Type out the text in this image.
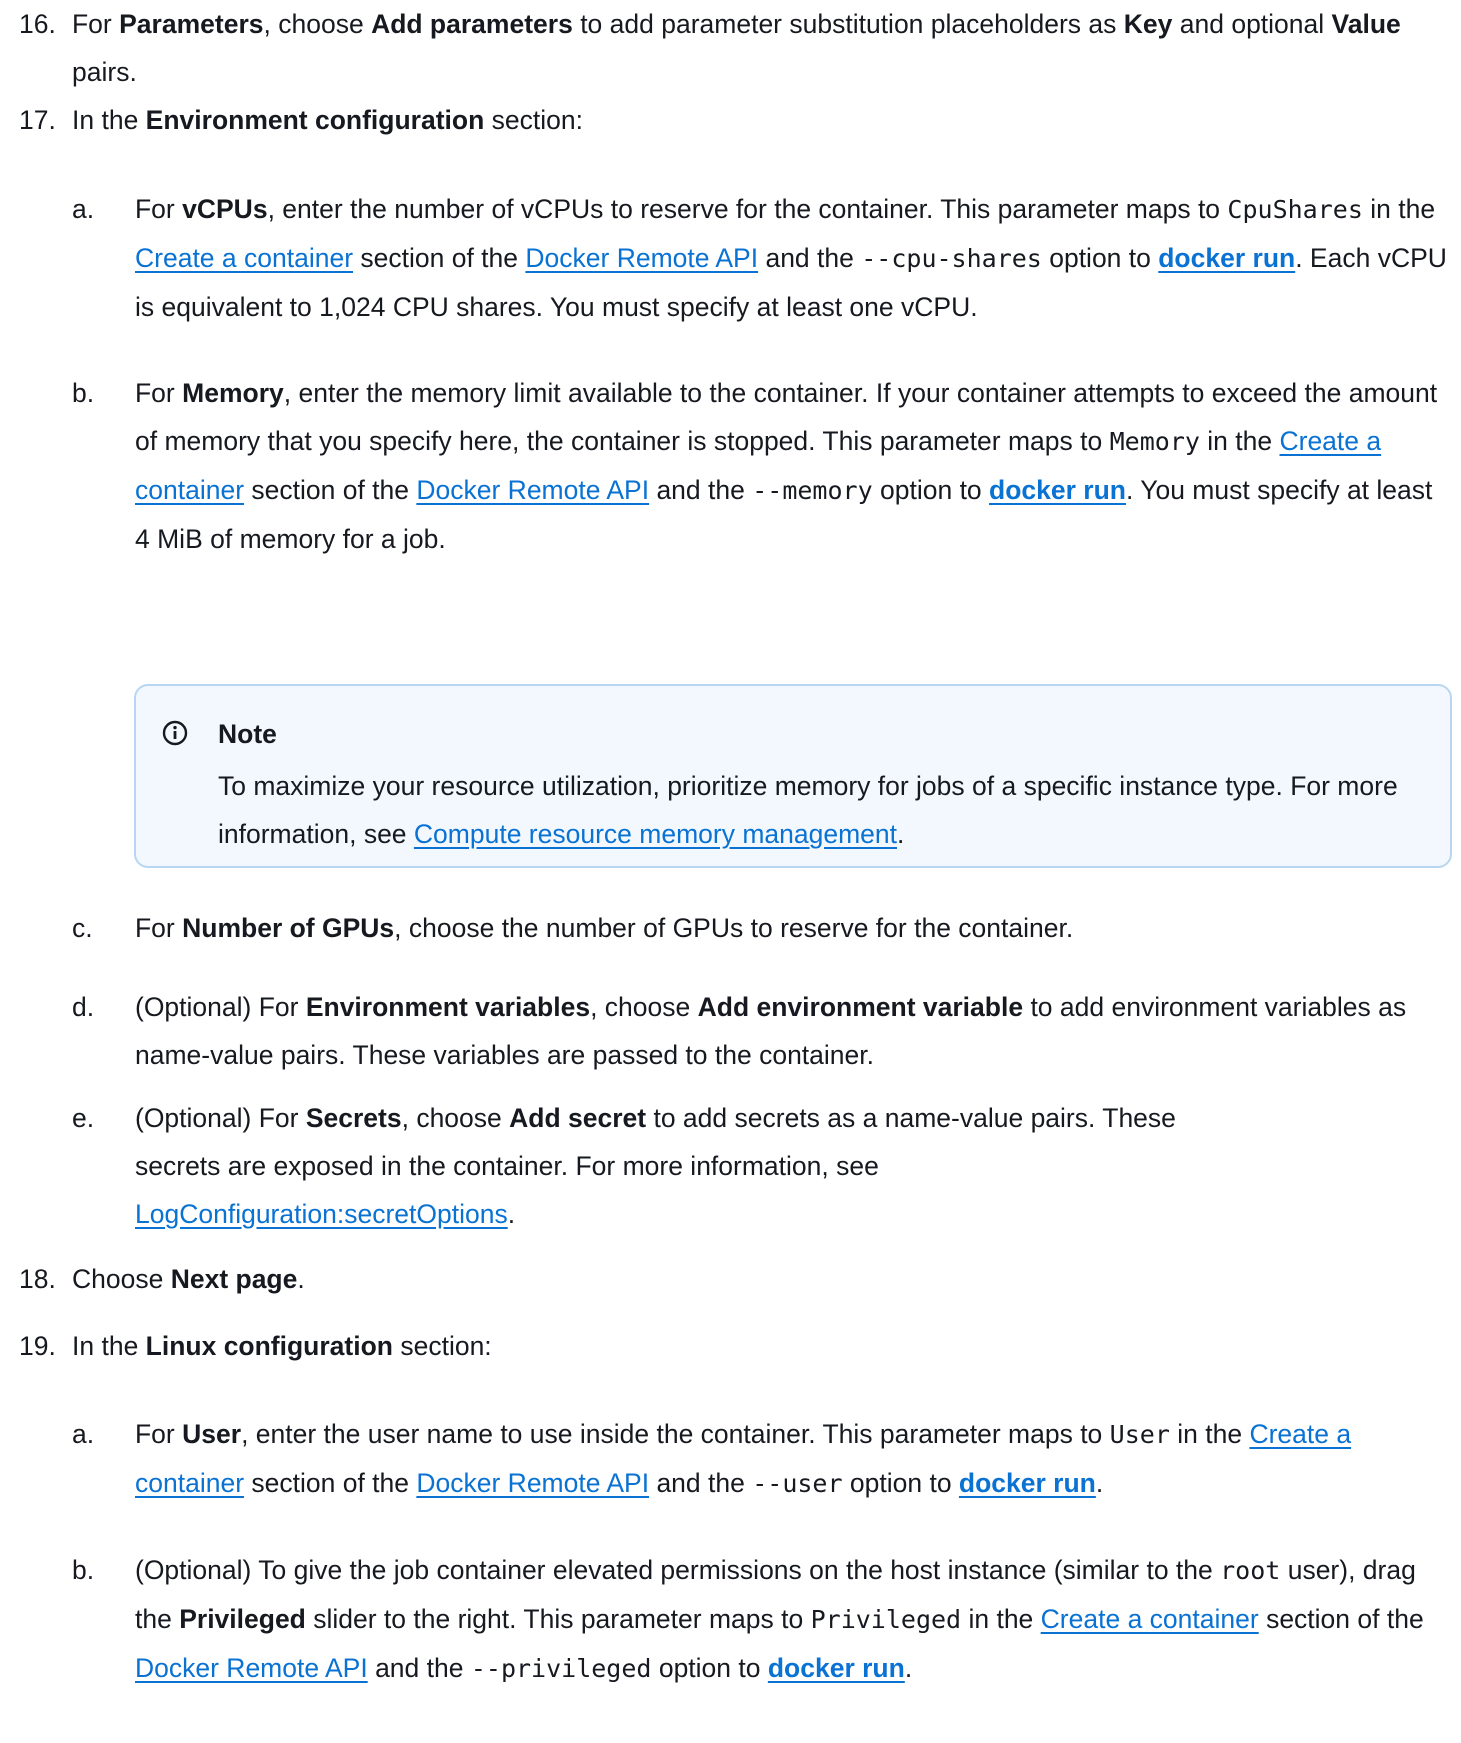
16. For Parameters, choose Add parameters to add parameter substitution placeholders as Key and optional Value pairs.
17. In the Environment configuration section:
a. For vCPUs, enter the number of vCPUs to reserve for the container. This parameter maps to CpuShares in the Create a container section of the Docker Remote API and the --cpu-shares option to docker run. Each vCPU is equivalent to 1,024 CPU shares. You must specify at least one vCPU.
b. For Memory, enter the memory limit available to the container. If your container attempts to exceed the amount of memory that you specify here, the container is stopped. This parameter maps to Memory in the Create a container section of the Docker Remote API and the --memory option to docker run. You must specify at least 4 MiB of memory for a job.
Note
To maximize your resource utilization, prioritize memory for jobs of a specific instance type. For more information, see Compute resource memory management.
c. For Number of GPUs, choose the number of GPUs to reserve for the container.
d. (Optional) For Environment variables, choose Add environment variable to add environment variables as name-value pairs. These variables are passed to the container.
e. (Optional) For Secrets, choose Add secret to add secrets as a name-value pairs. These secrets are exposed in the container. For more information, see LogConfiguration:secretOptions.
18. Choose Next page.
19. In the Linux configuration section:
a. For User, enter the user name to use inside the container. This parameter maps to User in the Create a container section of the Docker Remote API and the --user option to docker run.
b. (Optional) To give the job container elevated permissions on the host instance (similar to the root user), drag the Privileged slider to the right. This parameter maps to Privileged in the Create a container section of the Docker Remote API and the --privileged option to docker run.
